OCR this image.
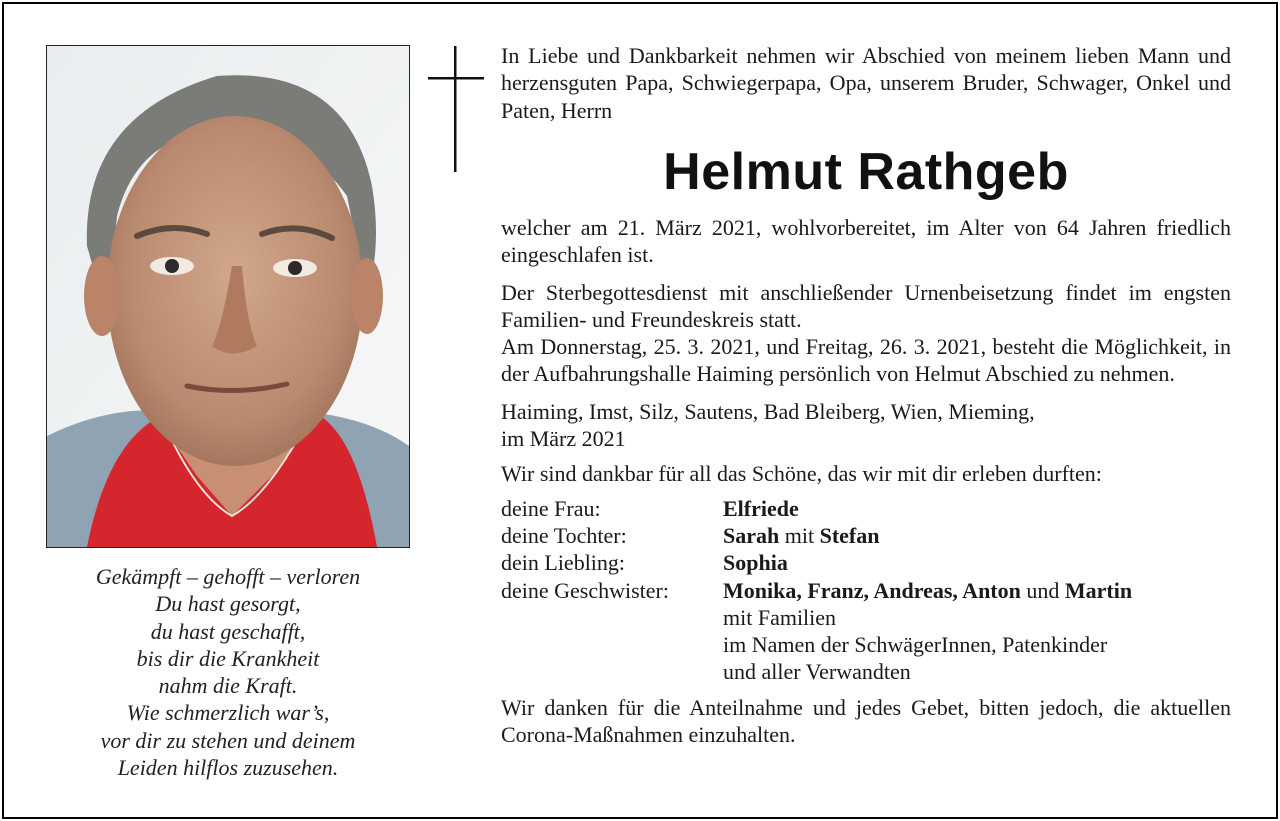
Gekämpft – gehofft – verloren
Du hast gesorgt,
du hast geschafft,
bis dir die Krankheit
nahm die Kraft.
Wie schmerzlich war’s,
vor dir zu stehen und deinem
Leiden hilflos zuzusehen.
In Liebe und Dankbarkeit nehmen wir Abschied von meinem lieben Mann und herzensguten Papa, Schwiegerpapa, Opa, unserem Bruder, Schwager, Onkel und Paten, Herrn
Helmut Rathgeb

welcher am 21. März 2021, wohlvorbereitet, im Alter von 64 Jahren friedlich eingeschlafen ist.

Der Sterbegottesdienst mit anschließender Urnenbeisetzung findet im engsten Familien- und Freundeskreis statt.

Am Donnerstag, 25. 3. 2021, und Freitag, 26. 3. 2021, besteht die Möglichkeit, in der Aufbahrungshalle Haiming persönlich von Helmut Abschied zu nehmen.

Haiming, Imst, Silz, Sautens, Bad Bleiberg, Wien, Mieming,

im März 2021

Wir sind dankbar für all das Schöne, das wir mit dir erleben durften:

deine Frau:	Elfriede
deine Tochter:	Sarah mit Stefan
dein Liebling:	Sophia
deine Geschwister:	Monika, Franz, Andreas, Anton und Martin
mit Familien
im Namen der SchwägerInnen, Patenkinder
und aller Verwandten

Wir danken für die Anteilnahme und jedes Gebet, bitten jedoch, die aktuellen Corona-Maßnahmen einzuhalten.
